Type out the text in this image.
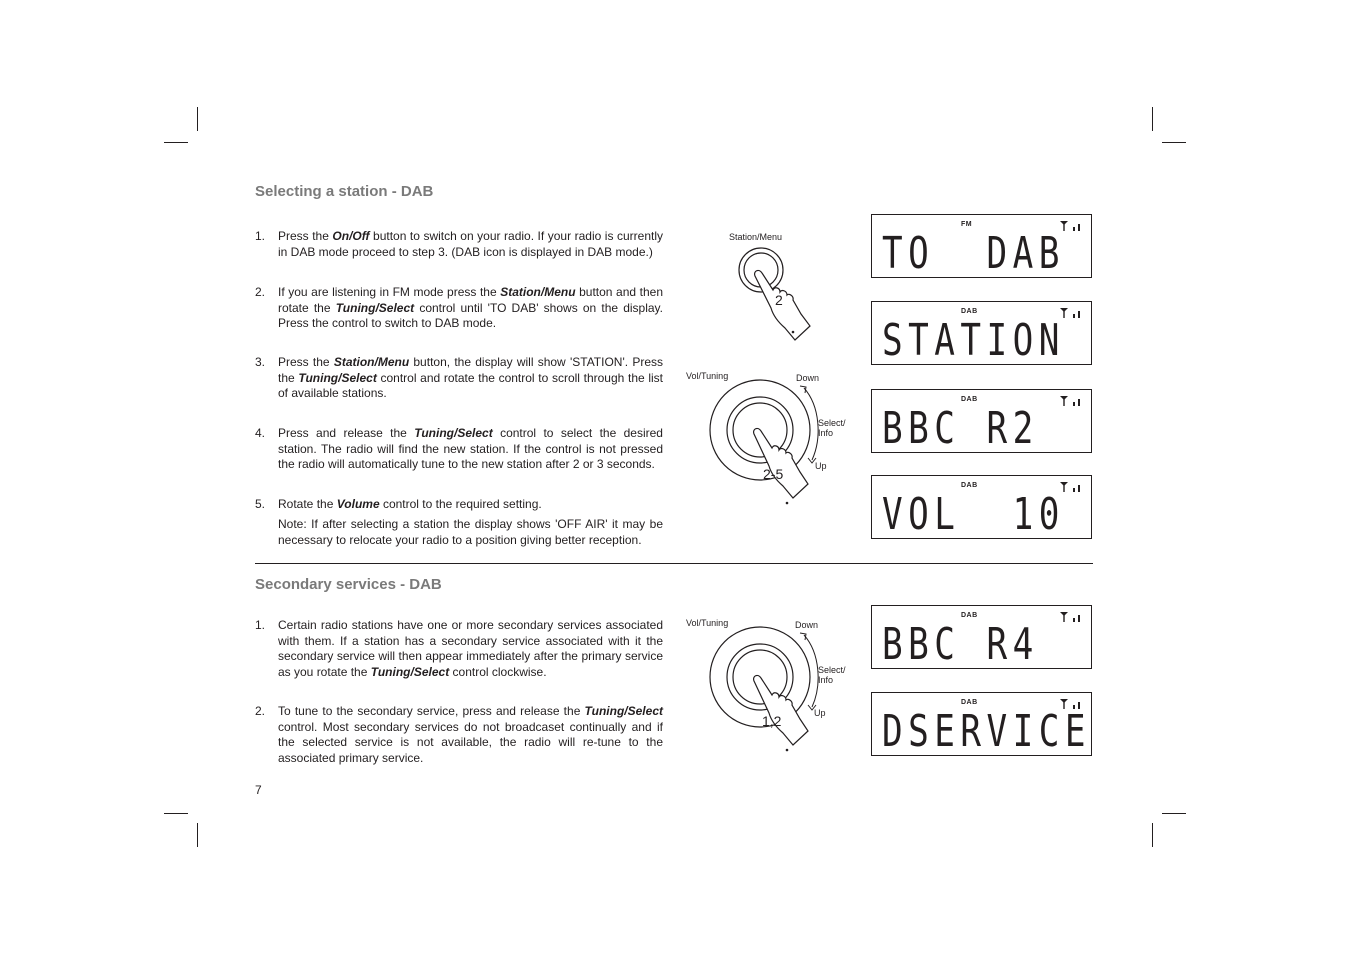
Selecting a station - DAB
1.	Press the On/Off button to switch on your radio. If your radio is currently in DAB mode proceed to step 3. (DAB icon is displayed in DAB mode.)
2.	If you are listening in FM mode press the Station/Menu button and then rotate the Tuning/Select control until 'TO DAB' shows on the display. Press the control to switch to DAB mode.
3.	Press the Station/Menu button, the display will show 'STATION'. Press the Tuning/Select control and rotate the control to scroll through the list of available stations.
4.	Press and release the Tuning/Select control to select the desired station. The radio will find the new station. If the control is not pressed the radio will automatically tune to the new station after 2 or 3 seconds.
5.	Rotate the Volume control to the required setting.
Note: If after selecting a station the display shows 'OFF AIR' it may be necessary to relocate your radio to a position giving better reception.
Secondary services - DAB
1.	Certain radio stations have one or more secondary services associated with them. If a station has a secondary service associated with it the secondary service will then appear immediately after the primary service as you rotate the Tuning/Select control clockwise.
2.	To tune to the secondary service, press and release the Tuning/Select control. Most secondary services do not broadcaset continually and if the selected service is not available, the radio will re-tune to the associated primary service.
7
Station/Menu
2
Vol/Tuning	Down
Select/
Info
Up
2-5
Vol/Tuning	Down
Select/
Info
Up
1,2
FM
TO  DAB
DAB
STATION
DAB
BBC R2
DAB
VOL  10
DAB
BBC R4
DAB
DSERVICE
